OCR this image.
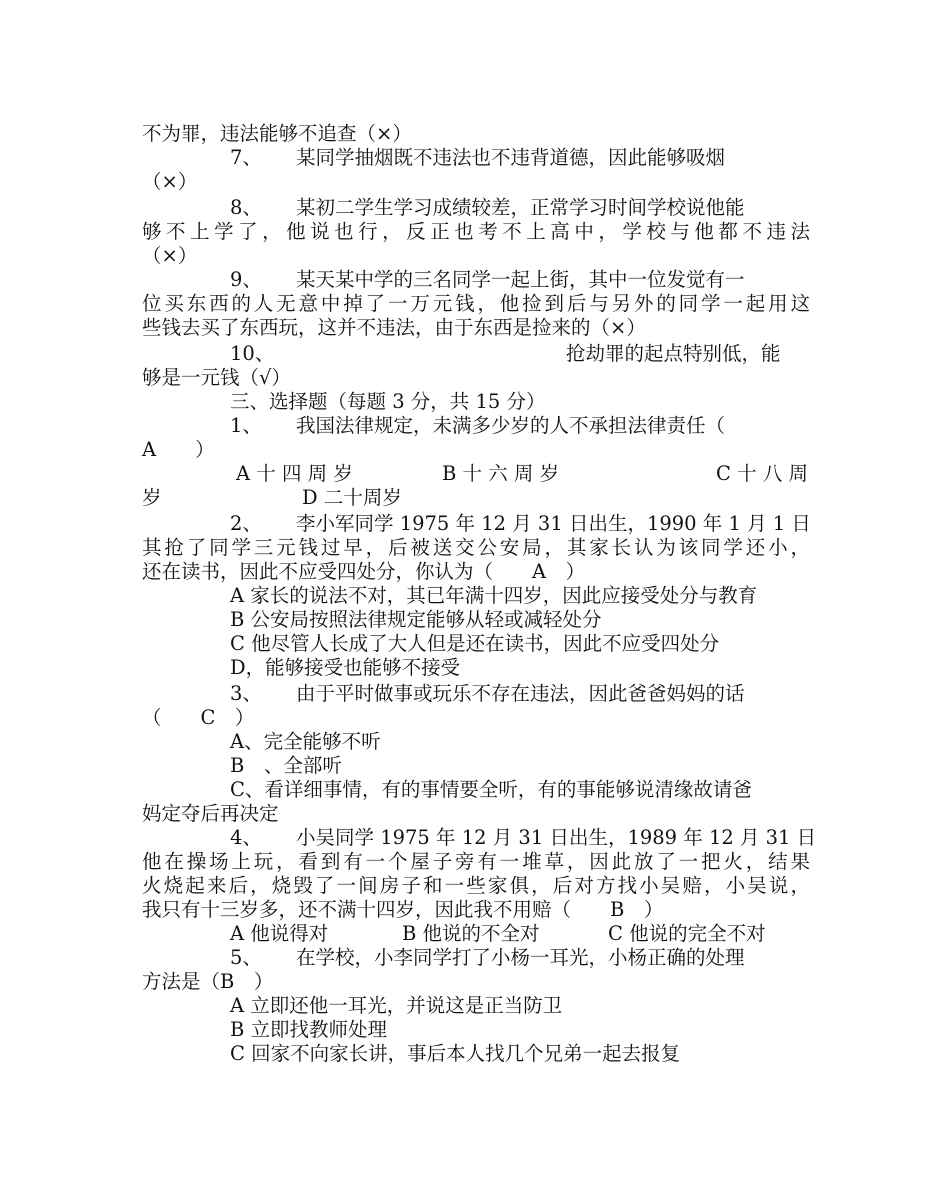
不为罪，违法能够不追查（×）
7、 某同学抽烟既不违法也不违背道德，因此能够吸烟
（×）
8、 某初二学生学习成绩较差，正常学习时间学校说他能
够不上学了，他说也行，反正也考不上高中，学校与他都不违法
（×）
9、 某天某中学的三名同学一起上街，其中一位发觉有一
位买东西的人无意中掉了一万元钱，他捡到后与另外的同学一起用这
些钱去买了东西玩，这并不违法，由于东西是捡来的（×）
10、	抢劫罪的起点特别低，能
够是一元钱（√）
三、选择题（每题 3 分，共 15 分）
1、 我国法律规定，未满多少岁的人不承担法律责任（
A　　）
A 十 四 周 岁	B 十 六 周 岁	C 十 八 周
岁	D 二十周岁
2、 李小军同学 1975 年 12 月 31 日出生，1990 年 1 月 1 日
其抢了同学三元钱过早，后被送交公安局，其家长认为该同学还小，
还在读书，因此不应受四处分，你认为（　　A　）
A 家长的说法不对，其已年满十四岁，因此应接受处分与教育
B 公安局按照法律规定能够从轻或减轻处分
C 他尽管人长成了大人但是还在读书，因此不应受四处分
D，能够接受也能够不接受
3、 由于平时做事或玩乐不存在违法，因此爸爸妈妈的话
（　　C　）
A、完全能够不听
B　、全部听
C、看详细事情，有的事情要全听，有的事能够说清缘故请爸
妈定夺后再决定
4、 小吴同学 1975 年 12 月 31 日出生，1989 年 12 月 31 日
他在操场上玩，看到有一个屋子旁有一堆草，因此放了一把火，结果
火烧起来后，烧毁了一间房子和一些家俱，后对方找小吴赔，小吴说，
我只有十三岁多，还不满十四岁，因此我不用赔（　　B　）
A 他说得对	B 他说的不全对	C 他说的完全不对
5、 在学校，小李同学打了小杨一耳光，小杨正确的处理
方法是（B　）
A 立即还他一耳光，并说这是正当防卫
B 立即找教师处理
C 回家不向家长讲，事后本人找几个兄弟一起去报复
